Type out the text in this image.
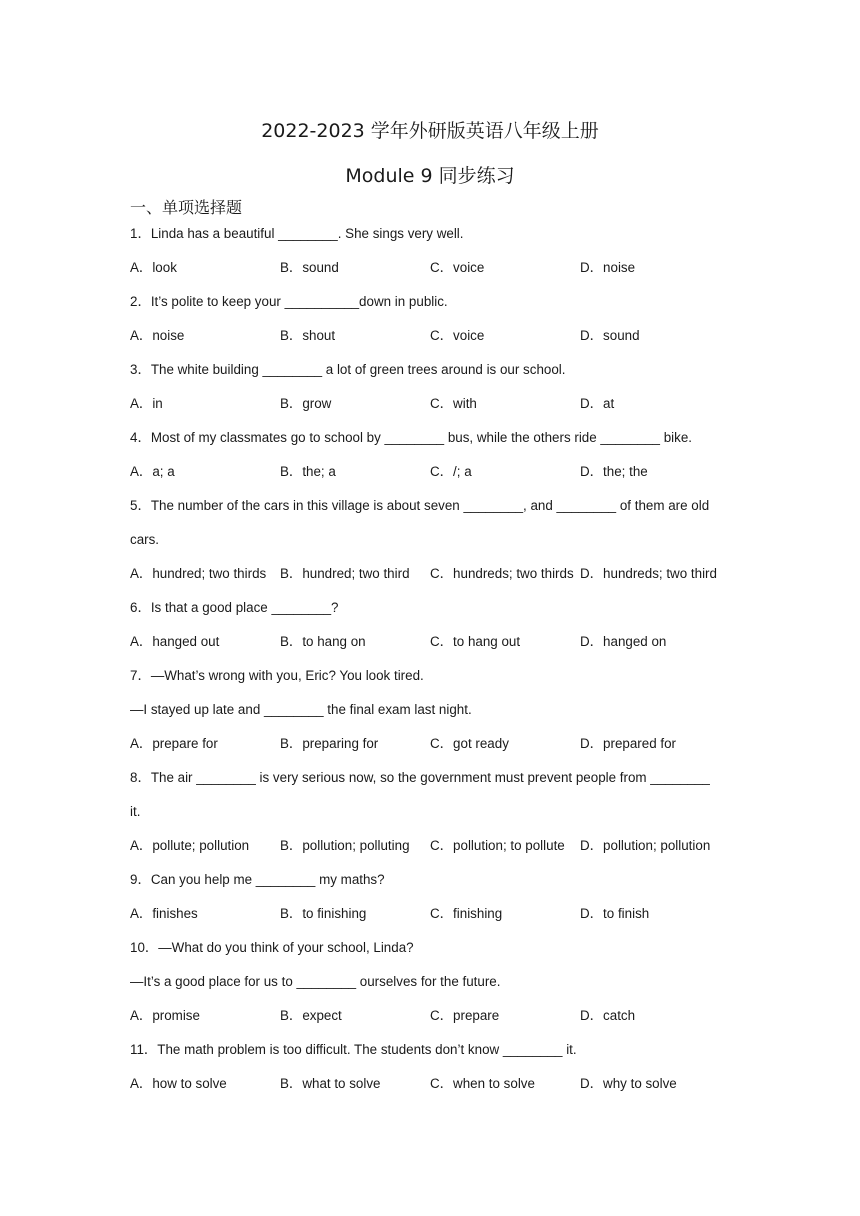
2022-2023 学年外研版英语八年级上册
Module 9 同步练习
一、单项选择题
1．Linda has a beautiful ________. She sings very well.
A．look	B．sound	C．voice	D．noise
2．It’s polite to keep your __________down in public.
A．noise	B．shout	C．voice	D．sound
3．The white building ________ a lot of green trees around is our school.
A．in	B．grow	C．with	D．at
4．Most of my classmates go to school by ________ bus, while the others ride ________ bike.
A．a; a	B．the; a	C．/; a	D．the; the
5．The number of the cars in this village is about seven ________, and ________ of them are old
cars.
A．hundred; two thirds	B．hundred; two third	C．hundreds; two thirds D．hundreds; two third
6．Is that a good place ________?
A．hanged out	B．to hang on	C．to hang out	D．hanged on
7．—What’s wrong with you, Eric? You look tired.
—I stayed up late and ________ the final exam last night.
A．prepare for	B．preparing for	C．got ready	D．prepared for
8．The air ________ is very serious now, so the government must prevent people from ________
it.
A．pollute; pollution	B．pollution; polluting	C．pollution; to pollute	D．pollution; pollution
9．Can you help me ________ my maths?
A．finishes	B．to finishing	C．finishing	D．to finish
10．—What do you think of your school, Linda?
—It’s a good place for us to ________ ourselves for the future.
A．promise	B．expect	C．prepare	D．catch
11．The math problem is too difficult. The students don’t know ________ it.
A．how to solve	B．what to solve	C．when to solve	D．why to solve
